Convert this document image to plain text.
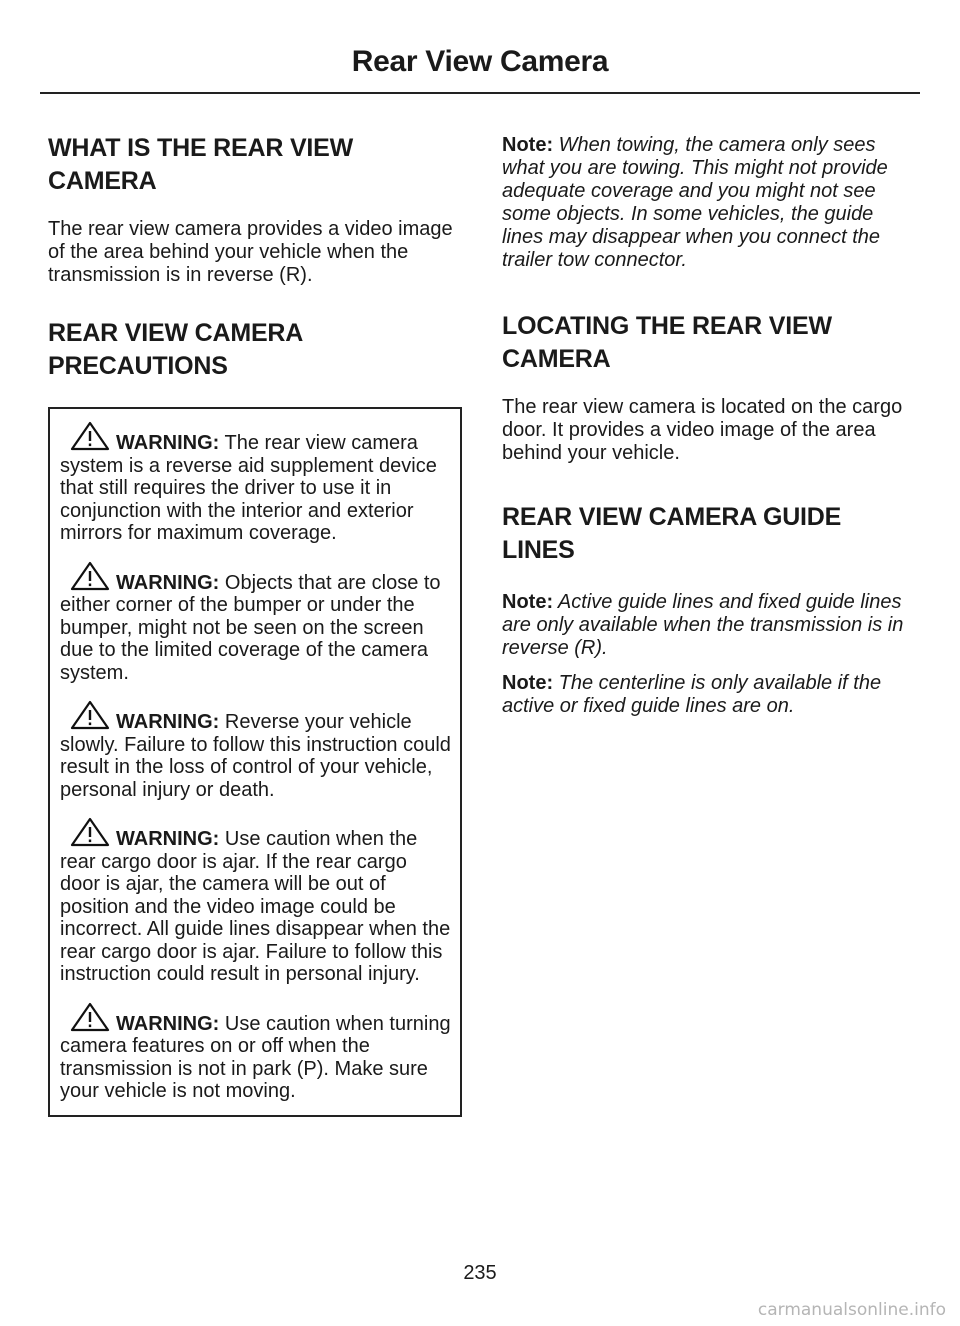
Rear View Camera
WHAT IS THE REAR VIEW
CAMERA

The rear view camera provides a video image of the area behind your vehicle when the transmission is in reverse (R).

REAR VIEW CAMERA
PRECAUTIONS

WARNING: The rear view camera system is a reverse aid supplement device that still requires the driver to use it in conjunction with the interior and exterior mirrors for maximum coverage.

WARNING: Objects that are close to either corner of the bumper or under the bumper, might not be seen on the screen due to the limited coverage of the camera system.

WARNING: Reverse your vehicle slowly. Failure to follow this instruction could result in the loss of control of your vehicle, personal injury or death.

WARNING: Use caution when the rear cargo door is ajar. If the rear cargo door is ajar, the camera will be out of position and the video image could be incorrect. All guide lines disappear when the rear cargo door is ajar. Failure to follow this instruction could result in personal injury.

WARNING: Use caution when turning camera features on or off when the transmission is not in park (P). Make sure your vehicle is not moving.

Note: When towing, the camera only sees what you are towing. This might not provide adequate coverage and you might not see some objects. In some vehicles, the guide lines may disappear when you connect the trailer tow connector.

LOCATING THE REAR VIEW
CAMERA

The rear view camera is located on the cargo door. It provides a video image of the area behind your vehicle.

REAR VIEW CAMERA GUIDE
LINES

Note: Active guide lines and fixed guide lines are only available when the transmission is in reverse (R).

Note: The centerline is only available if the active or fixed guide lines are on.

235
carmanualsonline.info
